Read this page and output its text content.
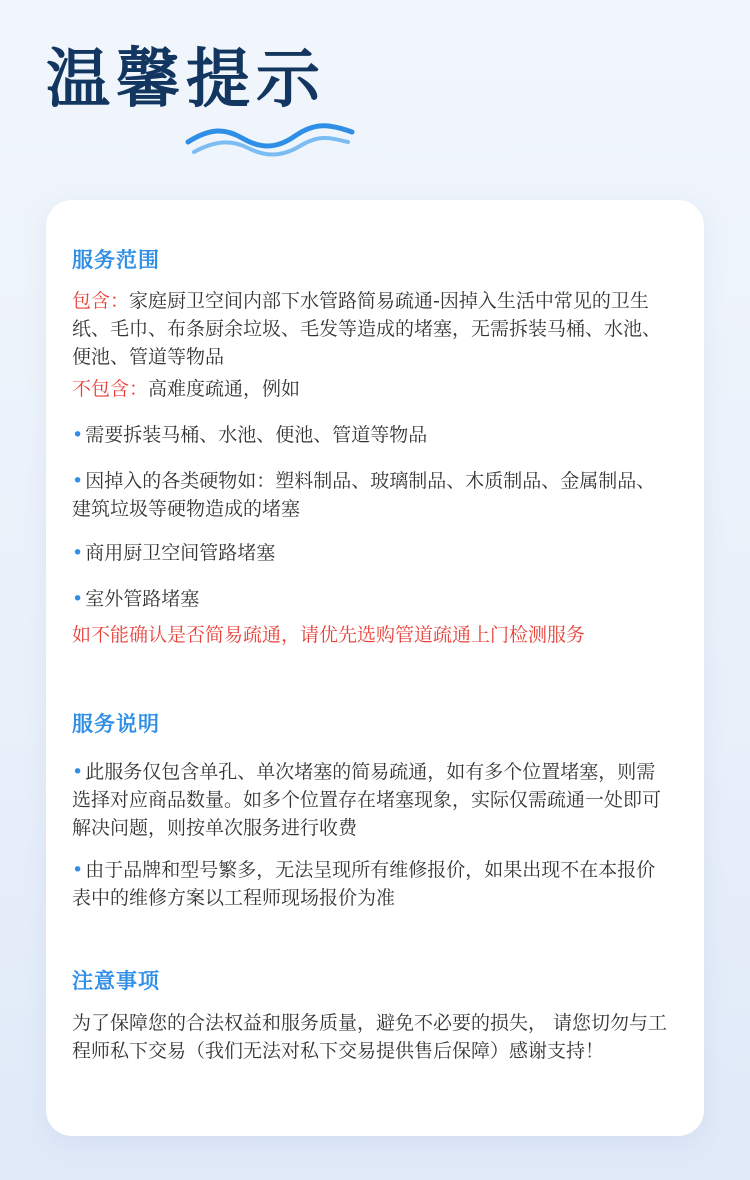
温馨提示
服务范围
包含：家庭厨卫空间内部下水管路简易疏通-因掉入生活中常见的卫生纸、毛巾、布条厨余垃圾、毛发等造成的堵塞，无需拆装马桶、水池、便池、管道等物品
不包含：高难度疏通，例如
• 需要拆装马桶、水池、便池、管道等物品
• 因掉入的各类硬物如：塑料制品、玻璃制品、木质制品、金属制品、建筑垃圾等硬物造成的堵塞
• 商用厨卫空间管路堵塞
• 室外管路堵塞
如不能确认是否简易疏通，请优先选购管道疏通上门检测服务
服务说明
• 此服务仅包含单孔、单次堵塞的简易疏通，如有多个位置堵塞，则需选择对应商品数量。如多个位置存在堵塞现象，实际仅需疏通一处即可解决问题，则按单次服务进行收费
• 由于品牌和型号繁多，无法呈现所有维修报价，如果出现不在本报价表中的维修方案以工程师现场报价为准
注意事项
为了保障您的合法权益和服务质量，避免不必要的损失， 请您切勿与工程师私下交易（我们无法对私下交易提供售后保障）感谢支持！
